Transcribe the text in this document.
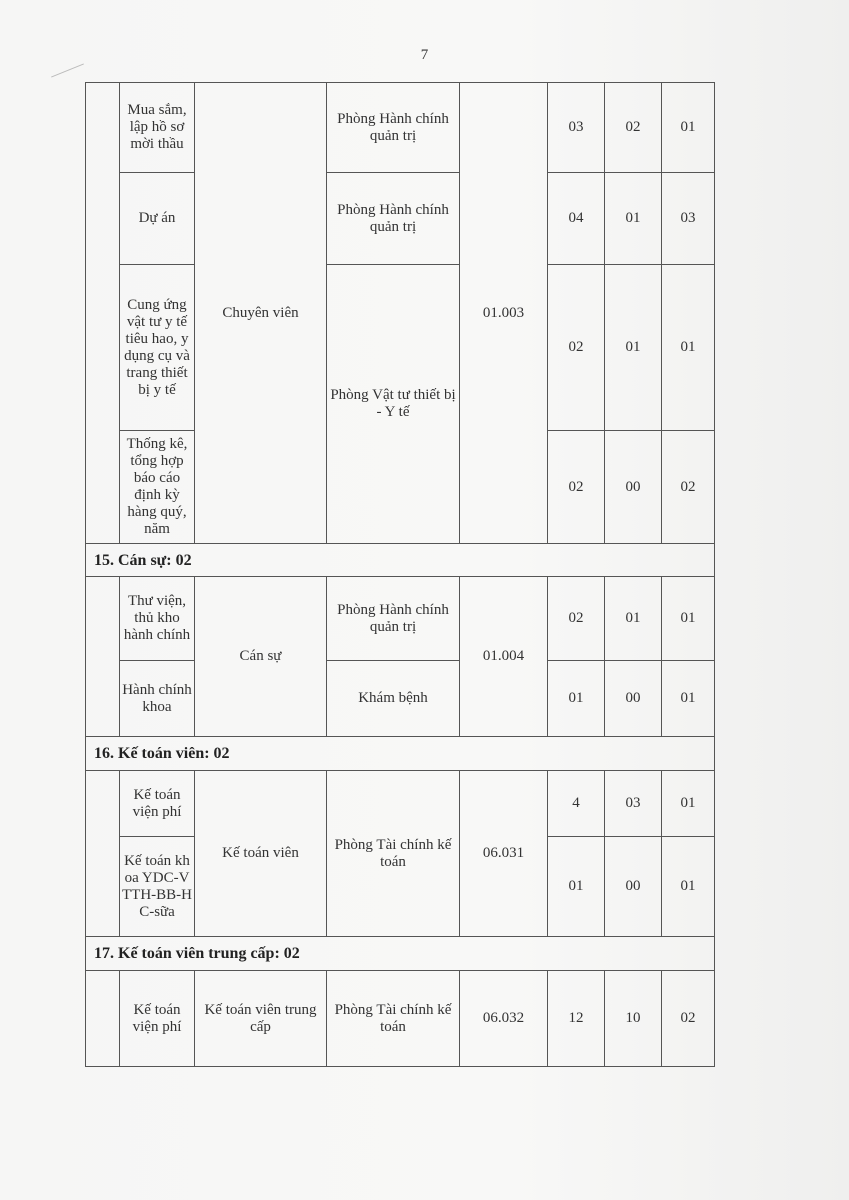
7
	Mua sắm, lập hồ sơ mời thầu	Chuyên viên	Phòng Hành chính quản trị	01.003	03	02	01
	Dự án		Phòng Hành chính quản trị		04	01	03
	Cung ứng vật tư y tế tiêu hao, y dụng cụ và trang thiết bị y tế		Phòng Vật tư thiết bị - Y tế		02	01	01
	Thống kê, tổng hợp báo cáo định kỳ hàng quý, năm				02	00	02
15. Cán sự: 02							
	Thư viện, thủ kho hành chính	Cán sự	Phòng Hành chính quản trị	01.004	02	01	01
	Hành chính khoa		Khám bệnh		01	00	01
16. Kế toán viên: 02							
	Kế toán viện phí	Kế toán viên	Phòng Tài chính kế toán	06.031	4	03	01
	Kế toán khoa YDC-VTTH-BB-HC-sữa				01	00	01
17. Kế toán viên trung cấp: 02							
	Kế toán viện phí	Kế toán viên trung cấp	Phòng Tài chính kế toán	06.032	12	10	02
